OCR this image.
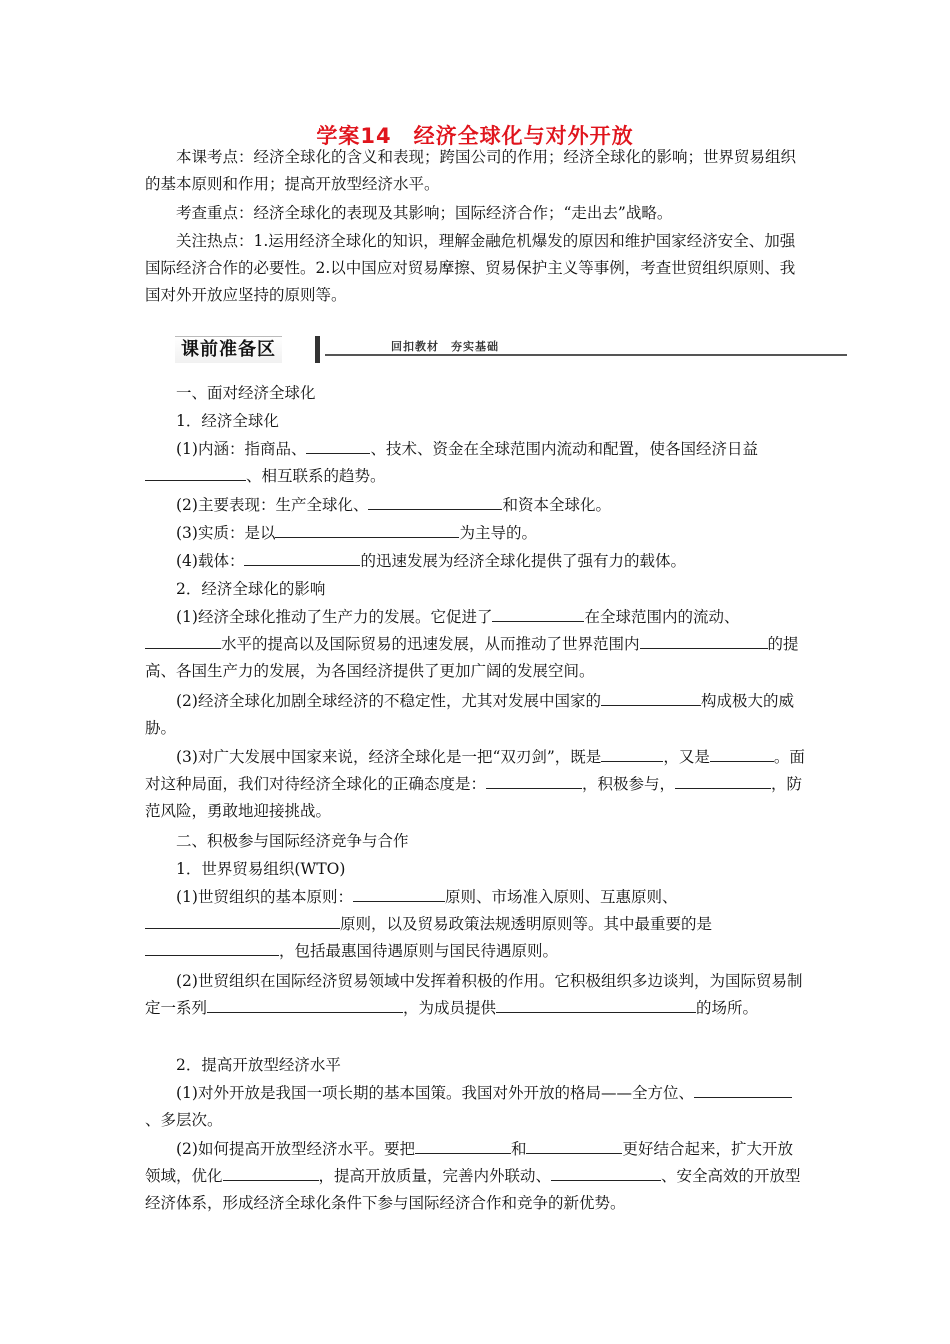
学案14　经济全球化与对外开放

本课考点：经济全球化的含义和表现；跨国公司的作用；经济全球化的影响；世界贸易组织的基本原则和作用；提高开放型经济水平。

考查重点：经济全球化的表现及其影响；国际经济合作；“走出去”战略。

关注热点：1.运用经济全球化的知识，理解金融危机爆发的原因和维护国家经济安全、加强国际经济合作的必要性。2.以中国应对贸易摩擦、贸易保护主义等事例，考查世贸组织原则、我国对外开放应坚持的原则等。

课前准备区	回扣教材　夯实基础

一、面对经济全球化

1．经济全球化

(1)内涵：指商品、	、技术、资金在全球范围内流动和配置，使各国经济日益、相互联系的趋势。

(2)主要表现：生产全球化、	和资本全球化。

(3)实质：是以	为主导的。

(4)载体：	的迅速发展为经济全球化提供了强有力的载体。

2．经济全球化的影响

(1)经济全球化推动了生产力的发展。它促进了	在全球范围内的流动、水平的提高以及国际贸易的迅速发展，从而推动了世界范围内	的提高、各国生产力的发展，为各国经济提供了更加广阔的发展空间。

(2)经济全球化加剧全球经济的不稳定性，尤其对发展中国家的	构成极大的威胁。

(3)对广大发展中国家来说，经济全球化是一把“双刃剑”，既是	，又是	。面对这种局面，我们对待经济全球化的正确态度是：	，积极参与，	，防范风险，勇敢地迎接挑战。

二、积极参与国际经济竞争与合作

1．世界贸易组织(WTO)

(1)世贸组织的基本原则：	原则、市场准入原则、互惠原则、原则，以及贸易政策法规透明原则等。其中最重要的是，包括最惠国待遇原则与国民待遇原则。

(2)世贸组织在国际经济贸易领域中发挥着积极的作用。它积极组织多边谈判，为国际贸易制定一系列	，为成员提供	的场所。

2．提高开放型经济水平

(1)对外开放是我国一项长期的基本国策。我国对外开放的格局——全方位、、多层次。

(2)如何提高开放型经济水平。要把	和	更好结合起来，扩大开放领域，优化	，提高开放质量，完善内外联动、	、安全高效的开放型经济体系，形成经济全球化条件下参与国际经济合作和竞争的新优势。
